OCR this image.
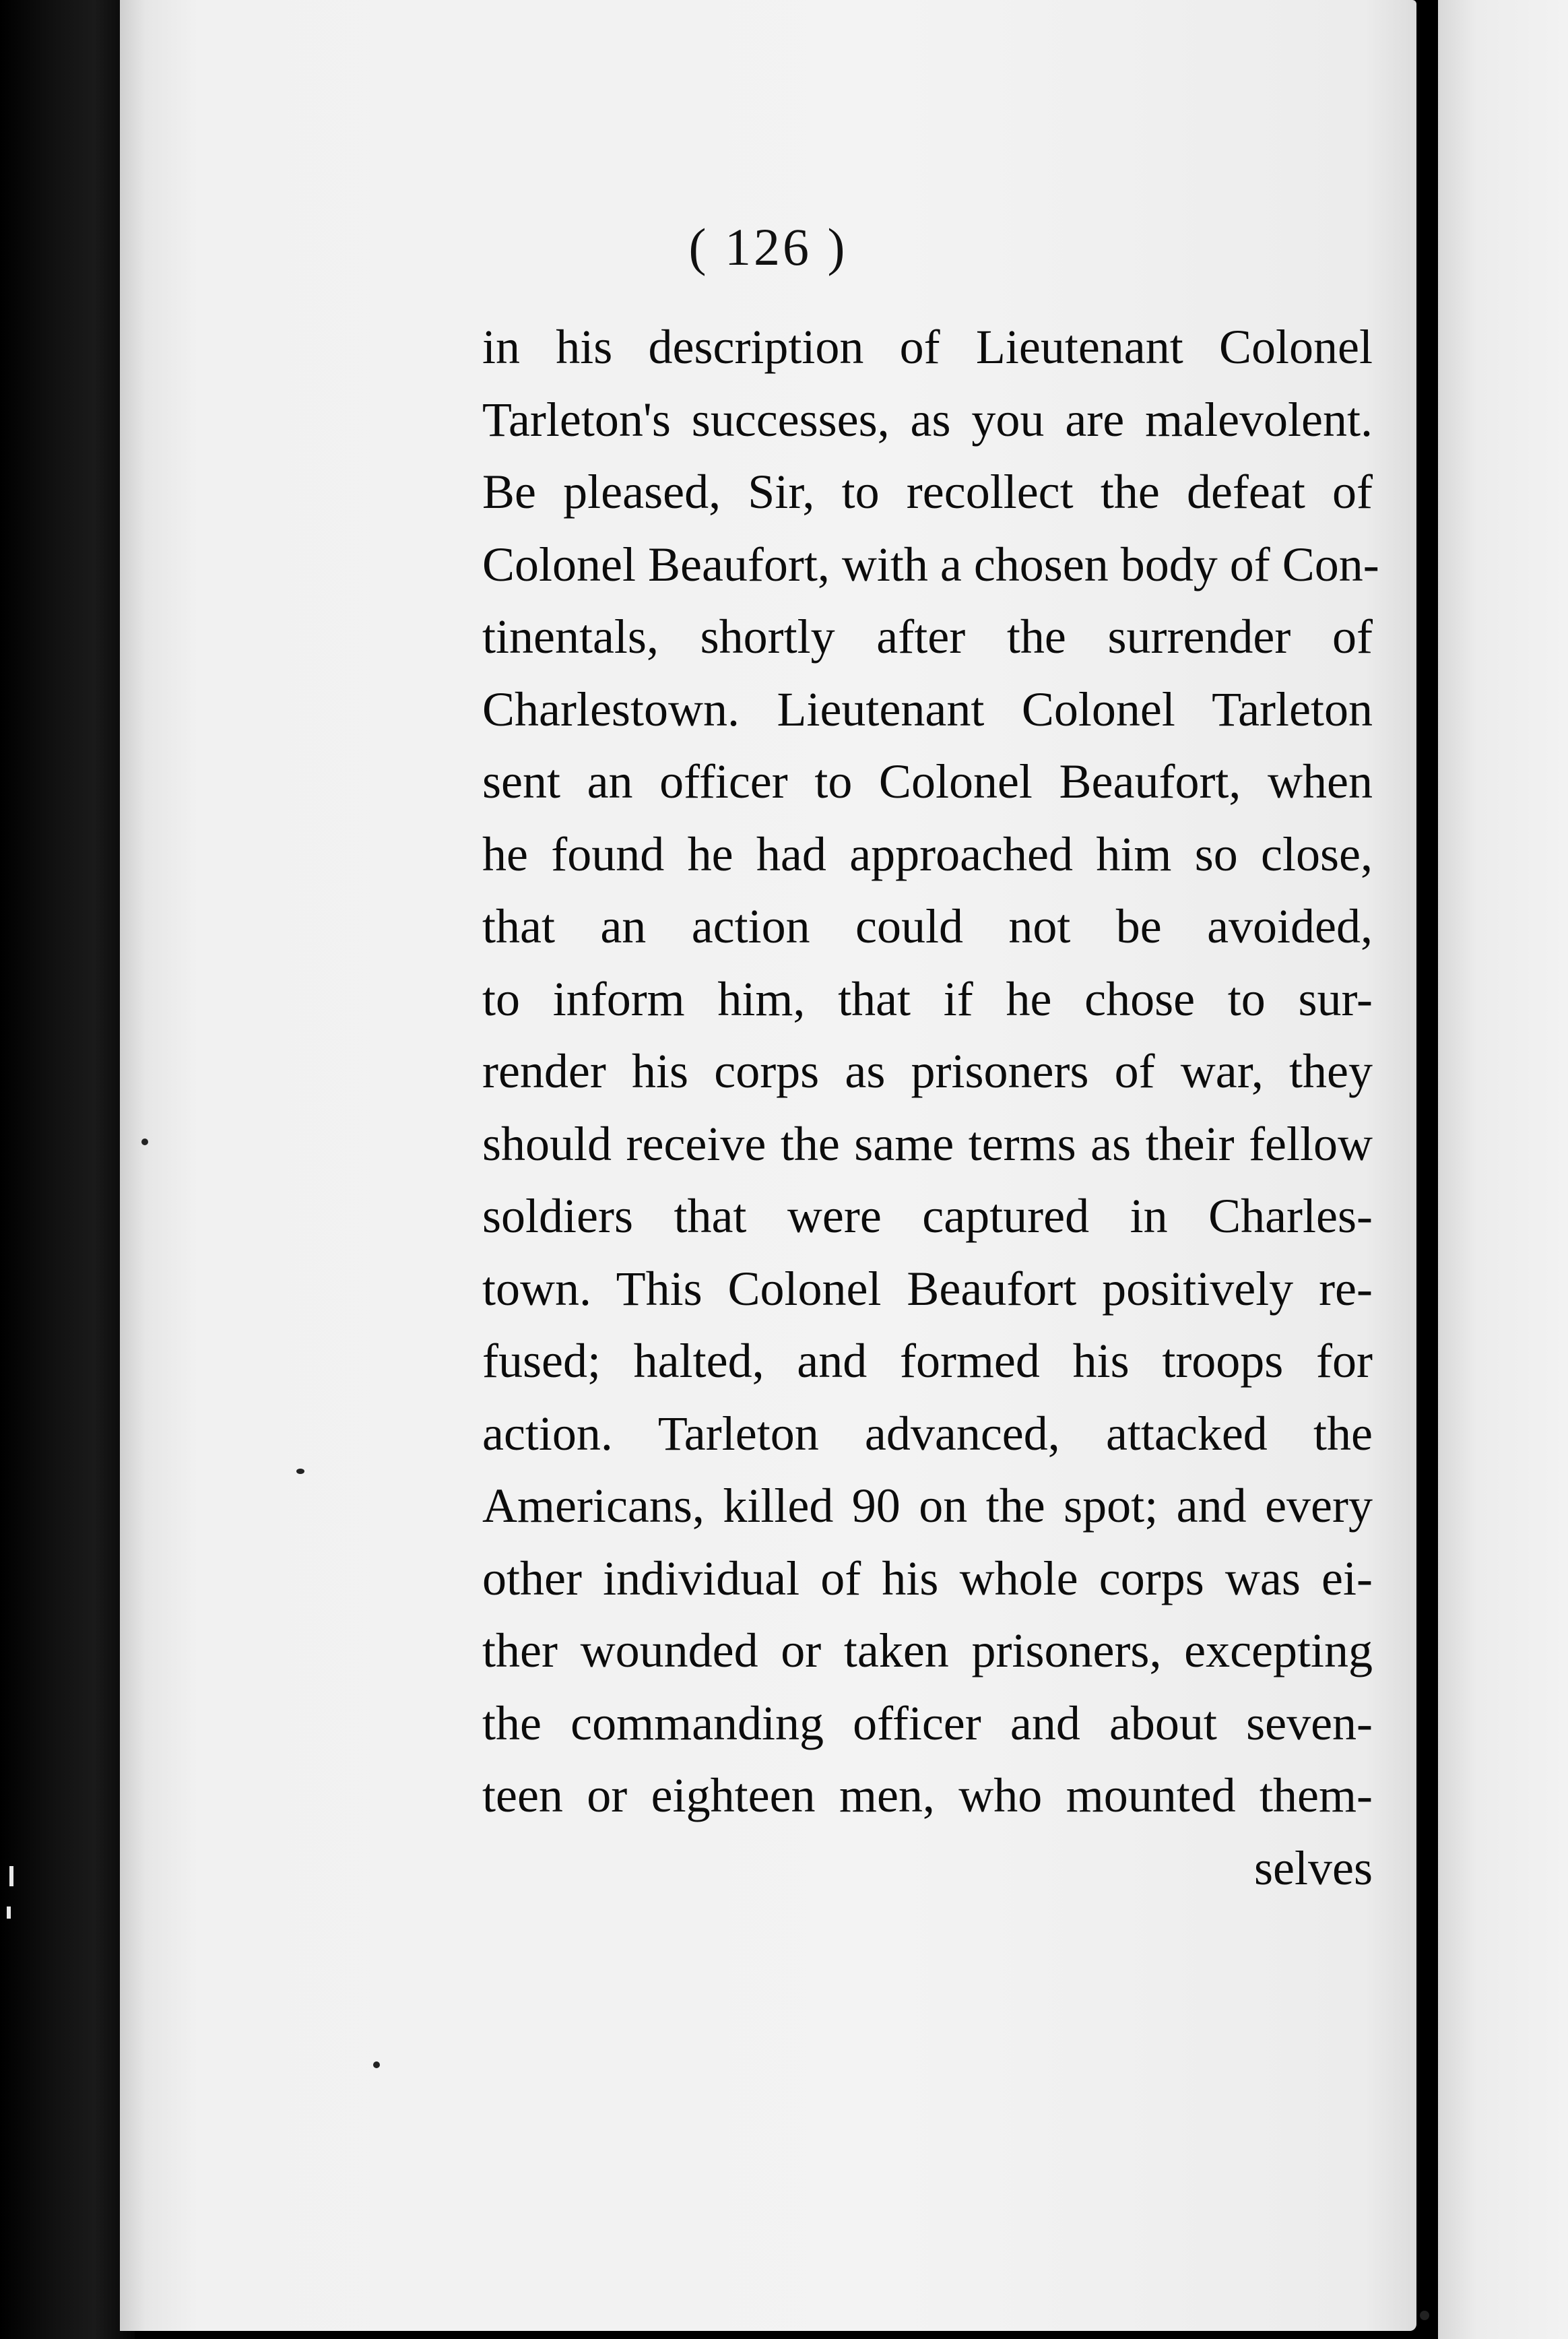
( 126 )
in his description of Lieutenant Colonel
Tarleton's successes, as you are malevolent.
Be pleased, Sir, to recollect the defeat of
Colonel Beaufort, with a chosen body of Con-
tinentals, shortly after the surrender of
Charlestown. Lieutenant Colonel Tarleton
sent an officer to Colonel Beaufort, when
he found he had approached him so close,
that an action could not be avoided,
to inform him, that if he chose to sur-
render his corps as prisoners of war, they
should receive the same terms as their fellow
soldiers that were captured in Charles-
town. This Colonel Beaufort positively re-
fused; halted, and formed his troops for
action. Tarleton advanced, attacked the
Americans, killed 90 on the spot; and every
other individual of his whole corps was ei-
ther wounded or taken prisoners, excepting
the commanding officer and about seven-
teen or eighteen men, who mounted them-
selves
